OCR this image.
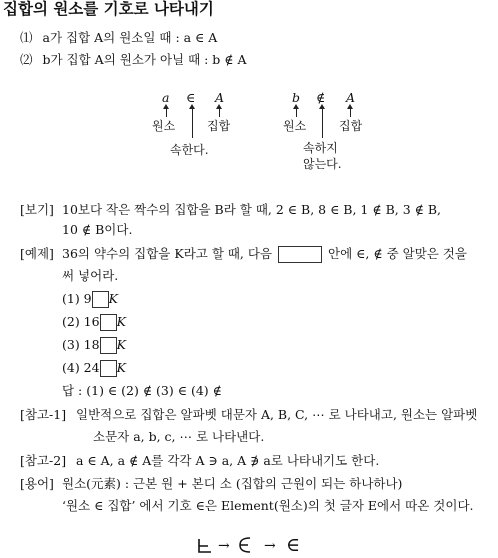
집합의 원소를 기호로 나타내기
⑴ a가 집합 A의 원소일 때 : a ∈ A
⑵ b가 집합 A의 원소가 아닐 때 : b ∉ A
a ∈ A
원소	집합
속한다.
b ∉ A
원소	집합
속하지
않는다.
[보기] 10보다 작은 짝수의 집합을 B라 할 때, 2 ∈ B, 8 ∈ B, 1 ∉ B, 3 ∉ B,
10 ∉ B이다.
[예제] 36의 약수의 집합을 K라고 할 때, 다음	안에 ∈, ∉ 중 알맞은 것을
써 넣어라.
(1) 9 K
(2) 16 K
(3) 18 K
(4) 24 K
답 : (1) ∈ (2) ∉ (3) ∈ (4) ∉
[참고-1] 일반적으로 집합은 알파벳 대문자 A, B, C, ⋯ 로 나타내고, 원소는 알파벳
소문자 a, b, c, ⋯ 로 나타낸다.
[참고-2] a ∈ A, a ∉ A를 각각 A ∋ a, A ∌ a로 나타내기도 한다.
[용어] 원소(元素) : 근본 원 + 본디 소 (집합의 근원이 되는 하나하나)
‘원소 ∈ 집합’ 에서 기호 ∈은 Element(원소)의 첫 글자 E에서 따온 것이다.
→ → ∈
